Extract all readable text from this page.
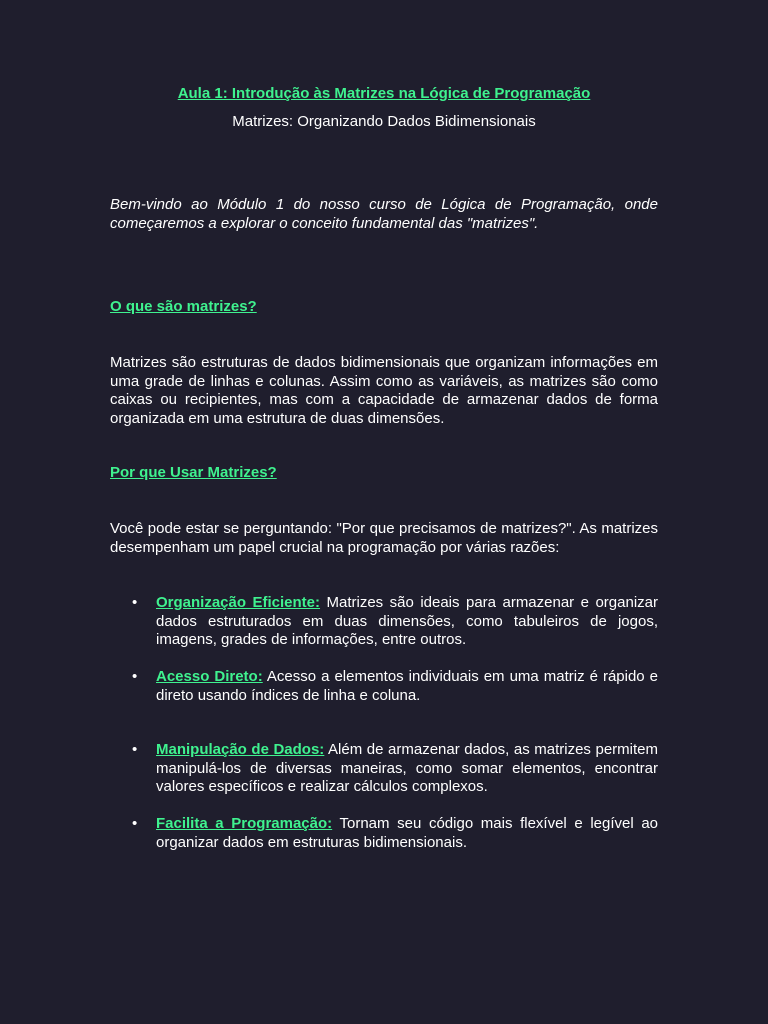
Aula 1: Introdução às Matrizes na Lógica de Programação

Matrizes: Organizando Dados Bidimensionais

Bem-vindo ao Módulo 1 do nosso curso de Lógica de Programação, onde começaremos a explorar o conceito fundamental das "matrizes".

O que são matrizes?

Matrizes são estruturas de dados bidimensionais que organizam informações em uma grade de linhas e colunas. Assim como as variáveis, as matrizes são como caixas ou recipientes, mas com a capacidade de armazenar dados de forma organizada em uma estrutura de duas dimensões.

Por que Usar Matrizes?

Você pode estar se perguntando: "Por que precisamos de matrizes?". As matrizes desempenham um papel crucial na programação por várias razões:

• Organização Eficiente: Matrizes são ideais para armazenar e organizar dados estruturados em duas dimensões, como tabuleiros de jogos, imagens, grades de informações, entre outros.
• Acesso Direto: Acesso a elementos individuais em uma matriz é rápido e direto usando índices de linha e coluna.
• Manipulação de Dados: Além de armazenar dados, as matrizes permitem manipulá-los de diversas maneiras, como somar elementos, encontrar valores específicos e realizar cálculos complexos.
• Facilita a Programação: Tornam seu código mais flexível e legível ao organizar dados em estruturas bidimensionais.
